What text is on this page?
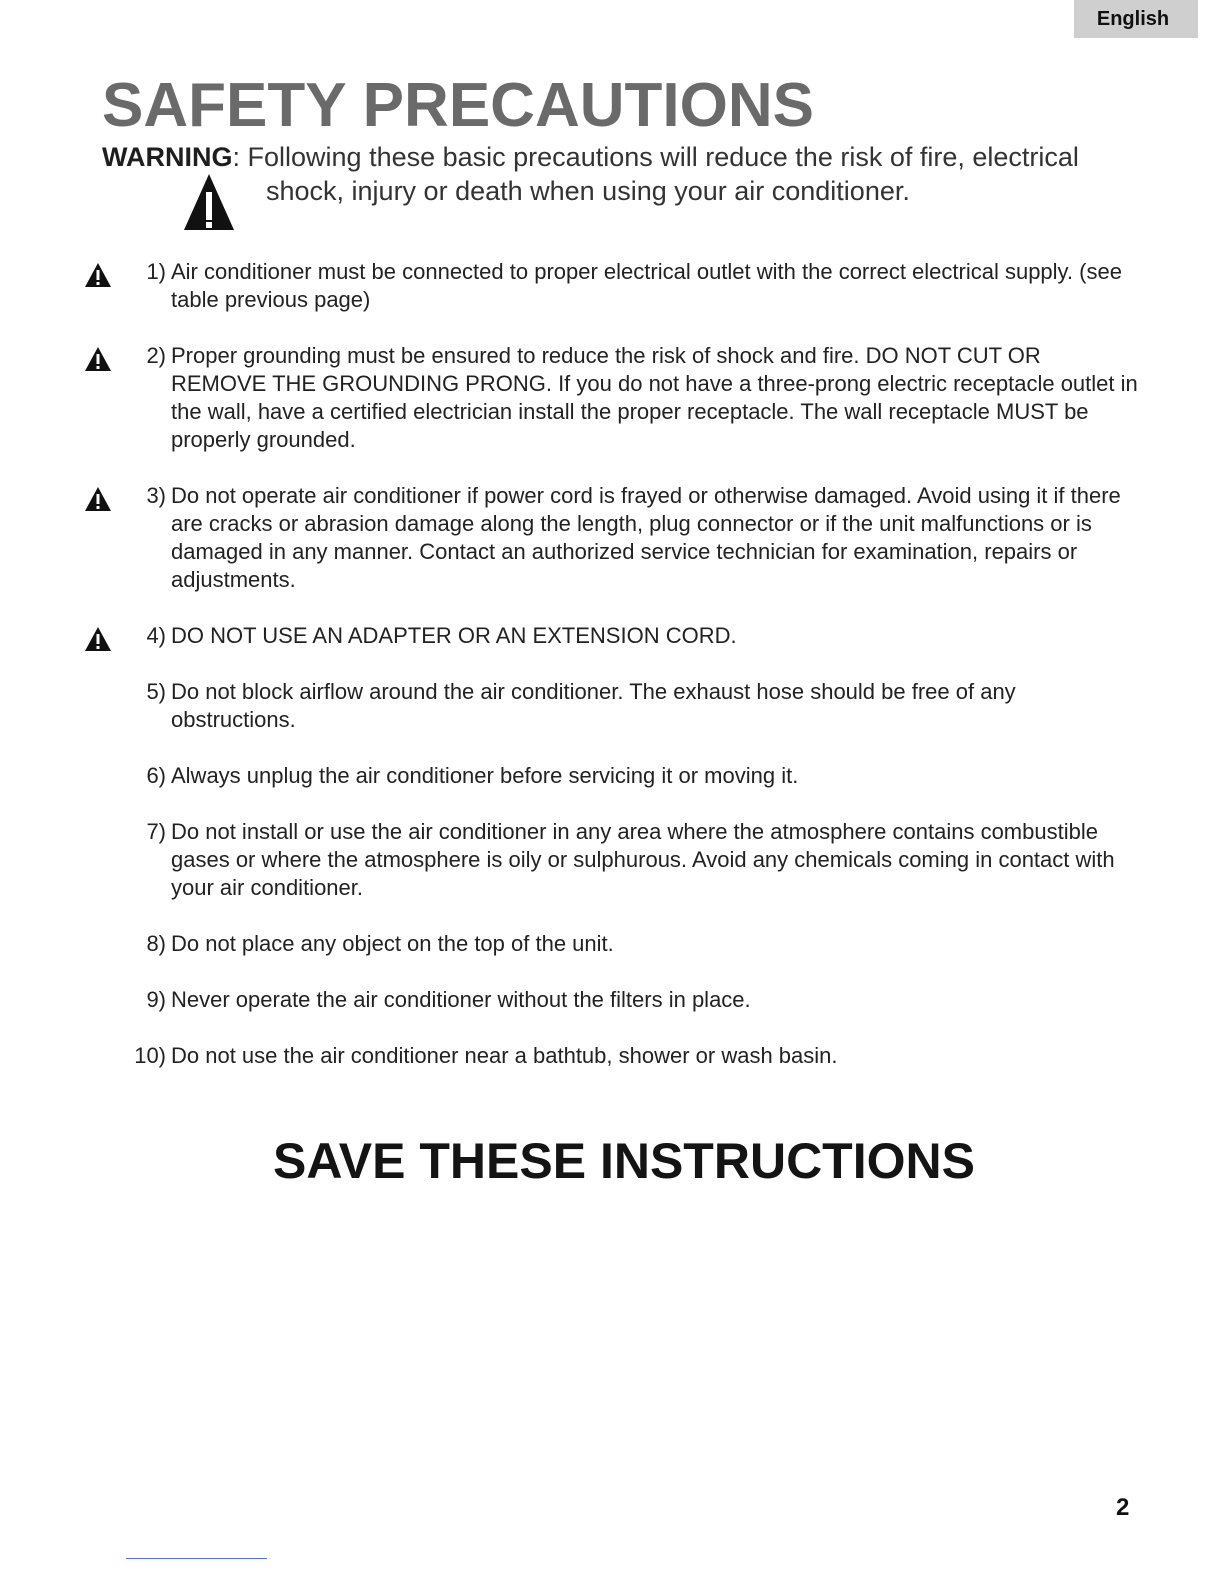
English
SAFETY PRECAUTIONS
WARNING: Following these basic precautions will reduce the risk of fire, electrical
shock, injury or death when using your air conditioner.
1) Air conditioner must be connected to proper electrical outlet with the correct electrical supply. (see table previous page)
2) Proper grounding must be ensured to reduce the risk of shock and fire. DO NOT CUT OR REMOVE THE GROUNDING PRONG. If you do not have a three-prong electric receptacle outlet in the wall, have a certified electrician install the proper receptacle. The wall receptacle MUST be properly grounded.
3) Do not operate air conditioner if power cord is frayed or otherwise damaged. Avoid using it if there are cracks or abrasion damage along the length, plug connector or if the unit malfunctions or is damaged in any manner. Contact an authorized service technician for examination, repairs or adjustments.
4) DO NOT USE AN ADAPTER OR AN EXTENSION CORD.
5) Do not block airflow around the air conditioner. The exhaust hose should be free of any obstructions.
6) Always unplug the air conditioner before servicing it or moving it.
7) Do not install or use the air conditioner in any area where the atmosphere contains combustible gases or where the atmosphere is oily or sulphurous. Avoid any chemicals coming in contact with your air conditioner.
8) Do not place any object on the top of the unit.
9) Never operate the air conditioner without the filters in place.
10) Do not use the air conditioner near a bathtub, shower or wash basin.
SAVE THESE INSTRUCTIONS
2
